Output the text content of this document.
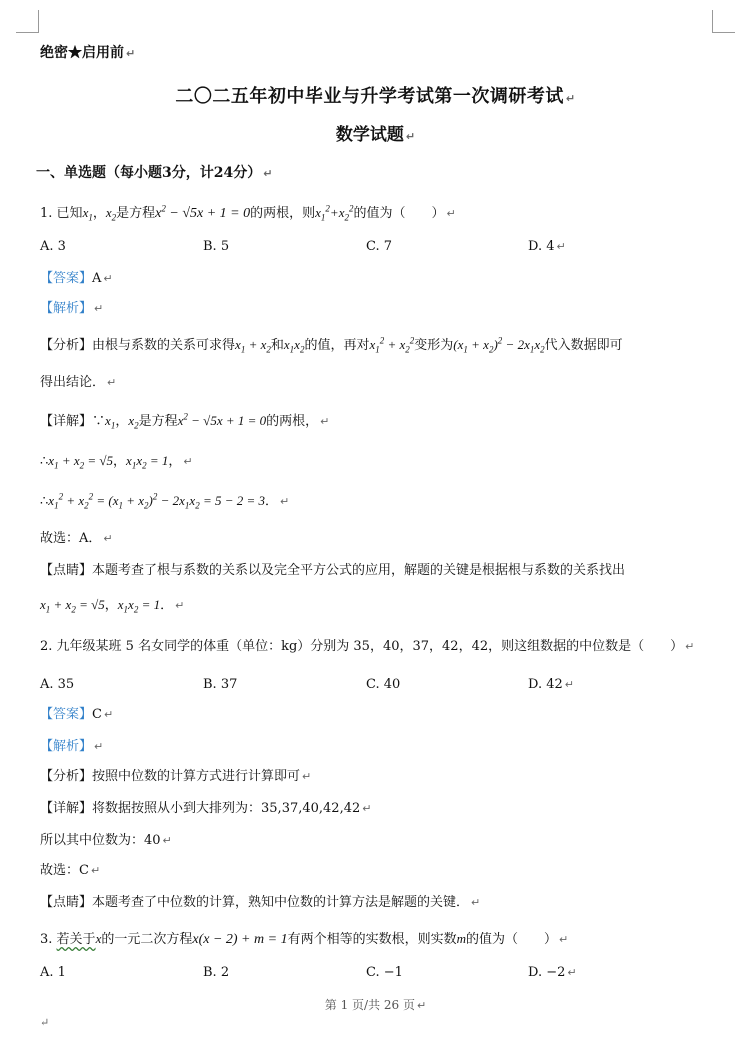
绝密★启用前 ↵
二〇二五年初中毕业与升学考试第一次调研考试 ↵
数学试题 ↵
一、单选题（每小题3分，计24分） ↵
1. 已知$x_1$，$x_2$是方程$x^2 - √5x + 1 = 0$的两根，则$x_1^2+x_2^2$的值为（　　） ↵
A. 3	B. 5	C. 7	D. 4 ↵
【答案】A ↵
【解析】 ↵
【分析】由根与系数的关系可求得$x_1 + x_2$和$x_1x_2$的值，再对$x_1^2 + x_2^2$变形为$(x_1 + x_2)^2 - 2x_1x_2$代入数据即可
得出结论． ↵
【详解】$\because x_1$，$x_2$是方程$x^2 - √5x + 1 = 0$的两根， ↵
$\therefore x_1 + x_2 = √5$，$x_1x_2 = 1$， ↵
$\therefore x_1^2 + x_2^2 = (x_1 + x_2)^2 - 2x_1x_2 = 5 - 2 = 3$． ↵
故选：A． ↵
【点睛】本题考查了根与系数的关系以及完全平方公式的应用，解题的关键是根据根与系数的关系找出
$x_1 + x_2 = √5$，$x_1x_2 = 1$． ↵
2. 九年级某班 5 名女同学的体重（单位：kg）分别为 35，40，37，42，42，则这组数据的中位数是（　　） ↵
A. 35	B. 37	C. 40	D. 42 ↵
【答案】C ↵
【解析】 ↵
【分析】按照中位数的计算方式进行计算即可 ↵
【详解】将数据按照从小到大排列为：35,37,40,42,42 ↵
所以其中位数为：40 ↵
故选：C ↵
【点睛】本题考查了中位数的计算，熟知中位数的计算方法是解题的关键． ↵
3. 若关于x的一元二次方程x(x − 2) + m = 1有两个相等的实数根，则实数m的值为（　　） ↵
A. 1	B. 2	C. −1	D. −2 ↵
第 1 页/共 26 页 ↵
↵
